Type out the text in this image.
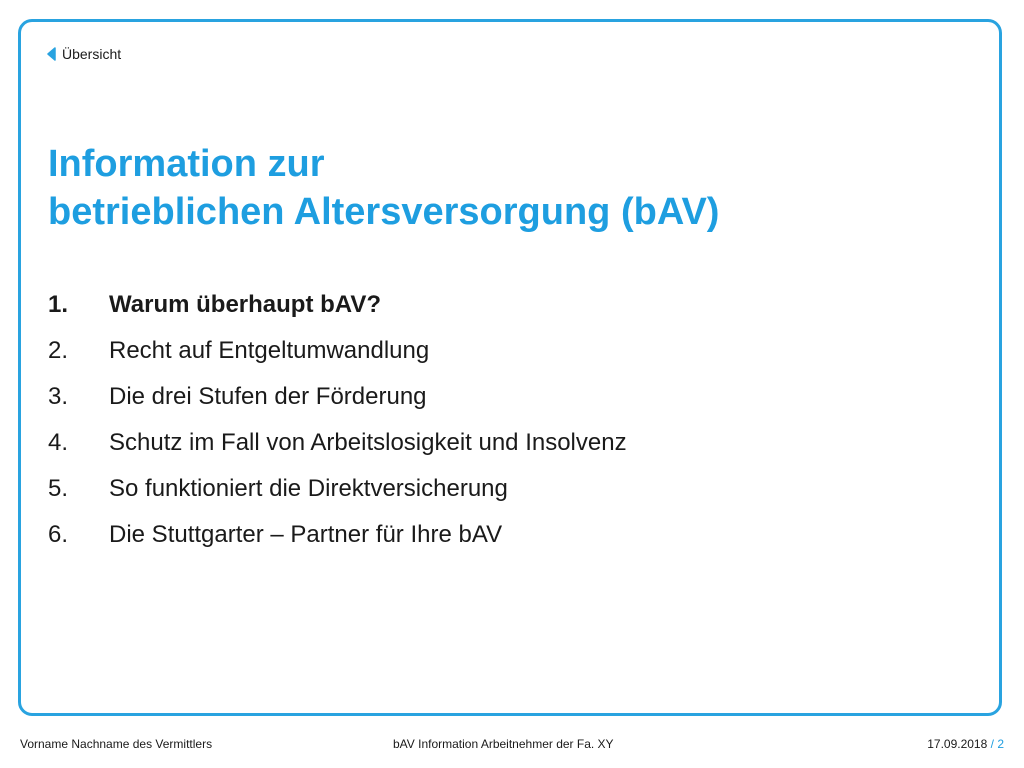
Übersicht
Information zur
betrieblichen Altersversorgung (bAV)
1.	Warum überhaupt bAV?
2.	Recht auf Entgeltumwandlung
3.	Die drei Stufen der Förderung
4.	Schutz im Fall von Arbeitslosigkeit und Insolvenz
5.	So funktioniert die Direktversicherung
6.	Die Stuttgarter – Partner für Ihre bAV
Vorname Nachname des Vermittlers	bAV Information Arbeitnehmer der Fa. XY	17.09.2018 / 2
